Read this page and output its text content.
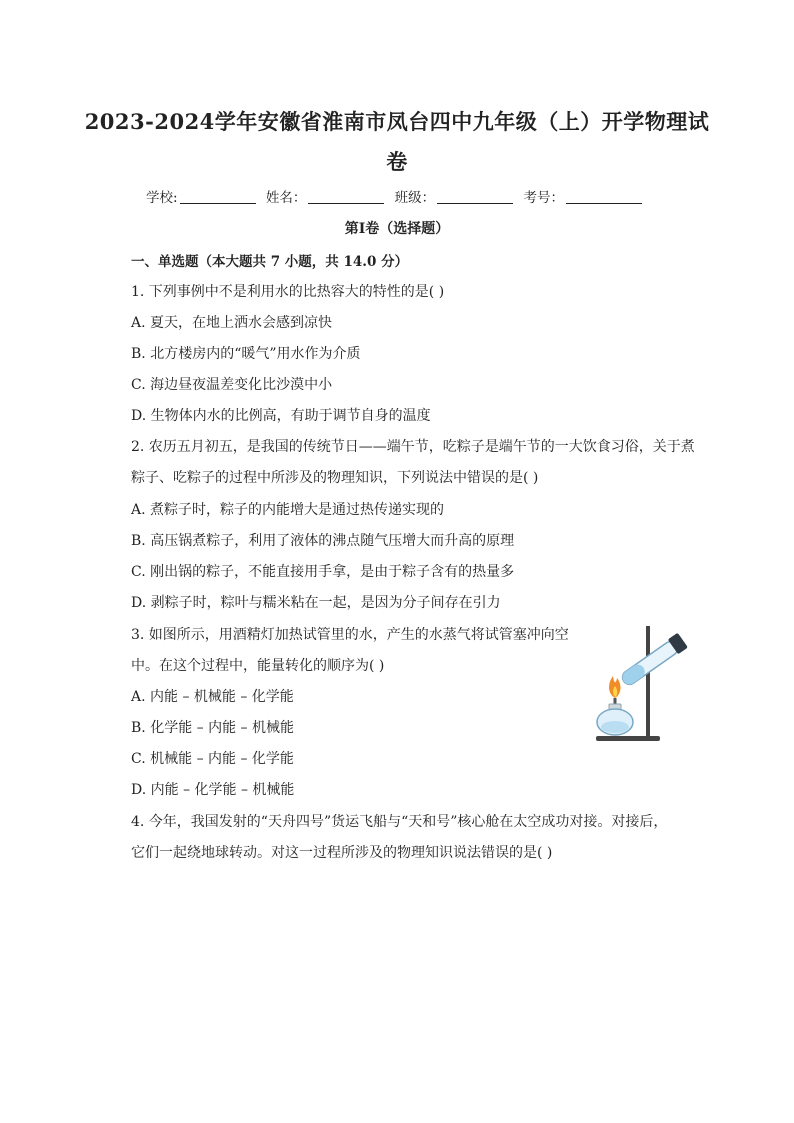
2023-2024学年安徽省淮南市凤台四中九年级（上）开学物理试
卷
学校:	姓名：	班级：	考号：
第I卷（选择题）
一、单选题（本大题共 7 小题，共 14.0 分）
1. 下列事例中不是利用水的比热容大的特性的是( )
A. 夏天，在地上洒水会感到凉快
B. 北方楼房内的“暖气”用水作为介质
C. 海边昼夜温差变化比沙漠中小
D. 生物体内水的比例高，有助于调节自身的温度
2. 农历五月初五，是我国的传统节日——端午节，吃粽子是端午节的一大饮食习俗，关于煮
粽子、吃粽子的过程中所涉及的物理知识，下列说法中错误的是( )
A. 煮粽子时，粽子的内能增大是通过热传递实现的
B. 高压锅煮粽子，利用了液体的沸点随气压增大而升高的原理
C. 刚出锅的粽子，不能直接用手拿，是由于粽子含有的热量多
D. 剥粽子时，粽叶与糯米粘在一起，是因为分子间存在引力
3. 如图所示，用酒精灯加热试管里的水，产生的水蒸气将试管塞冲向空
中。在这个过程中，能量转化的顺序为( )
A. 内能 – 机械能 – 化学能
B. 化学能 – 内能 – 机械能
C. 机械能 – 内能 – 化学能
D. 内能 – 化学能 – 机械能
4. 今年，我国发射的“天舟四号”货运飞船与“天和号”核心舱在太空成功对接。对接后，
它们一起绕地球转动。对这一过程所涉及的物理知识说法错误的是( )
